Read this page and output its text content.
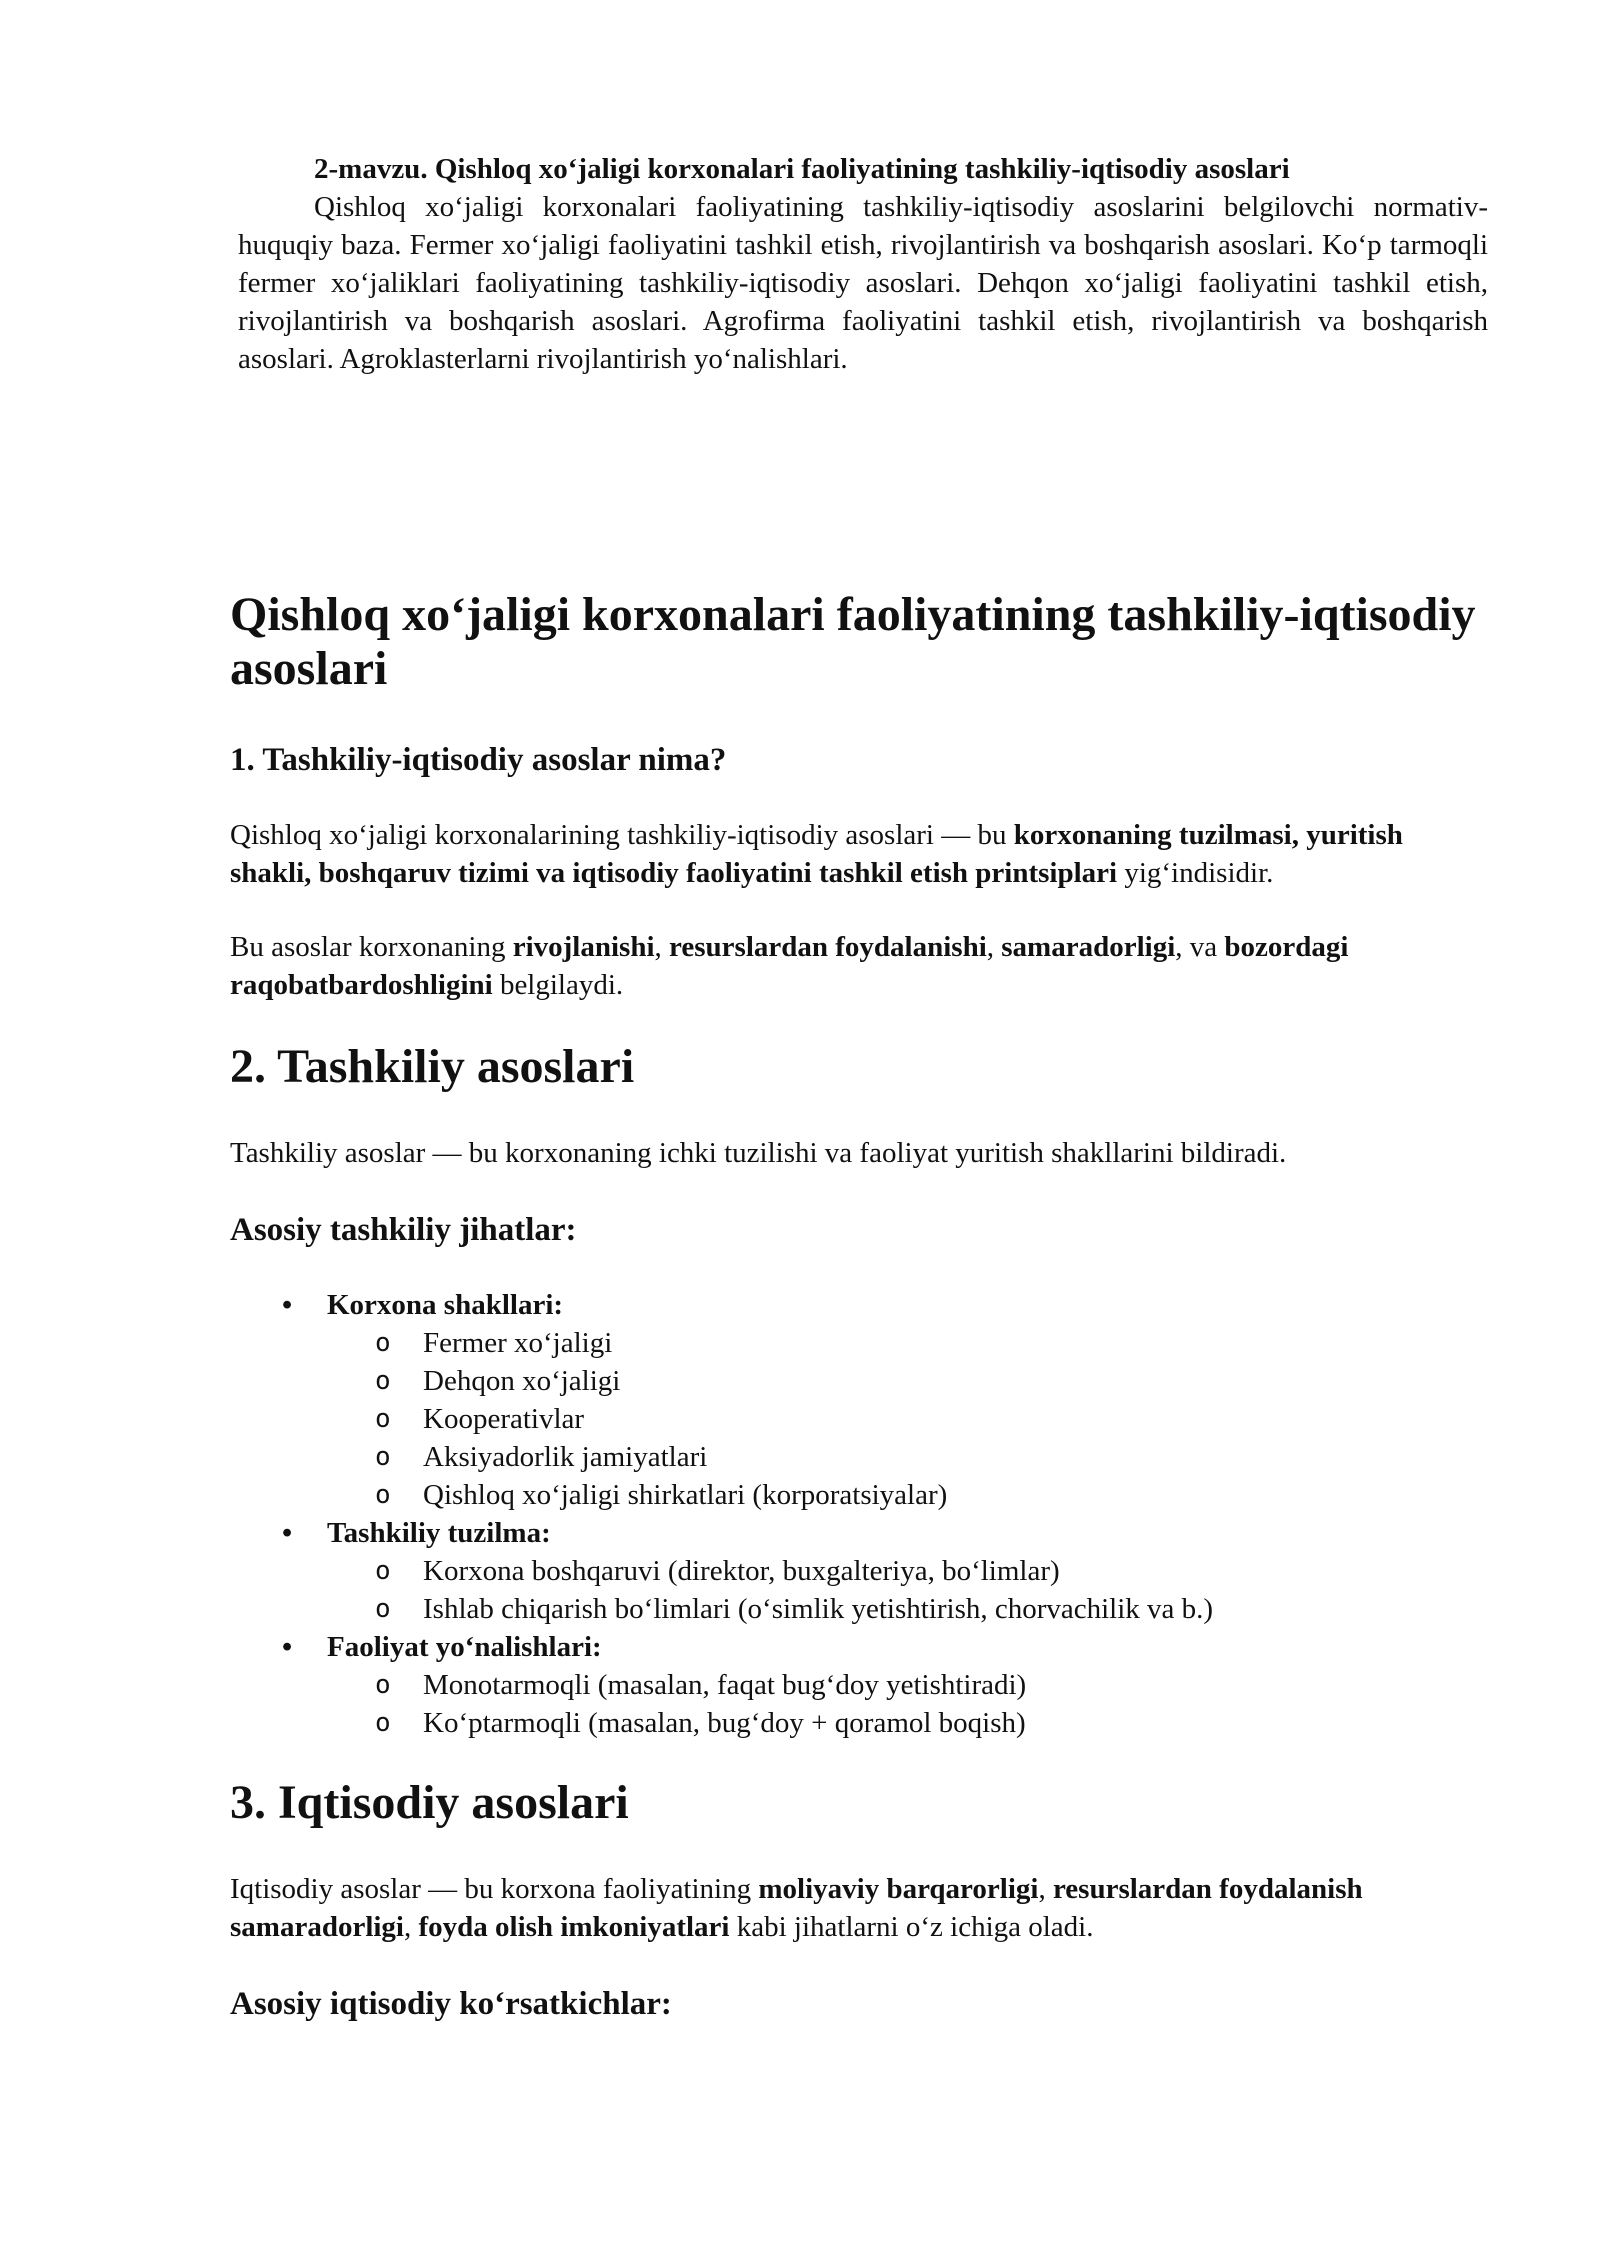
2-mavzu. Qishloq xo‘jaligi korxonalari faoliyatining tashkiliy-iqtisodiy asoslari

Qishloq xo‘jaligi korxonalari faoliyatining tashkiliy-iqtisodiy asoslarini belgilovchi normativ-huquqiy baza. Fermer xo‘jaligi faoliyatini tashkil etish, rivojlantirish va boshqarish asoslari. Ko‘p tarmoqli fermer xo‘jaliklari faoliyatining tashkiliy-iqtisodiy asoslari. Dehqon xo‘jaligi faoliyatini tashkil etish, rivojlantirish va boshqarish asoslari. Agrofirma faoliyatini tashkil etish, rivojlantirish va boshqarish asoslari. Agroklasterlarni rivojlantirish yo‘nalishlari.

Qishloq xo‘jaligi korxonalari faoliyatining tashkiliy-iqtisodiy asoslari
1. Tashkiliy-iqtisodiy asoslar nima?

Qishloq xo‘jaligi korxonalarining tashkiliy-iqtisodiy asoslari — bu korxonaning tuzilmasi, yuritish shakli, boshqaruv tizimi va iqtisodiy faoliyatini tashkil etish printsiplari yig‘indisidir.

Bu asoslar korxonaning rivojlanishi, resurslardan foydalanishi, samaradorligi, va bozordagi raqobatbardoshligini belgilaydi.

2. Tashkiliy asoslari

Tashkiliy asoslar — bu korxonaning ichki tuzilishi va faoliyat yuritish shakllarini bildiradi.

Asosiy tashkiliy jihatlar:
• Korxona shakllari:
o Fermer xo‘jaligi
o Dehqon xo‘jaligi
o Kooperativlar
o Aksiyadorlik jamiyatlari
o Qishloq xo‘jaligi shirkatlari (korporatsiyalar)
• Tashkiliy tuzilma:
o Korxona boshqaruvi (direktor, buxgalteriya, bo‘limlar)
o Ishlab chiqarish bo‘limlari (o‘simlik yetishtirish, chorvachilik va b.)
• Faoliyat yo‘nalishlari:
o Monotarmoqli (masalan, faqat bug‘doy yetishtiradi)
o Ko‘ptarmoqli (masalan, bug‘doy + qoramol boqish)
3. Iqtisodiy asoslari

Iqtisodiy asoslar — bu korxona faoliyatining moliyaviy barqarorligi, resurslardan foydalanish samaradorligi, foyda olish imkoniyatlari kabi jihatlarni o‘z ichiga oladi.

Asosiy iqtisodiy ko‘rsatkichlar:
